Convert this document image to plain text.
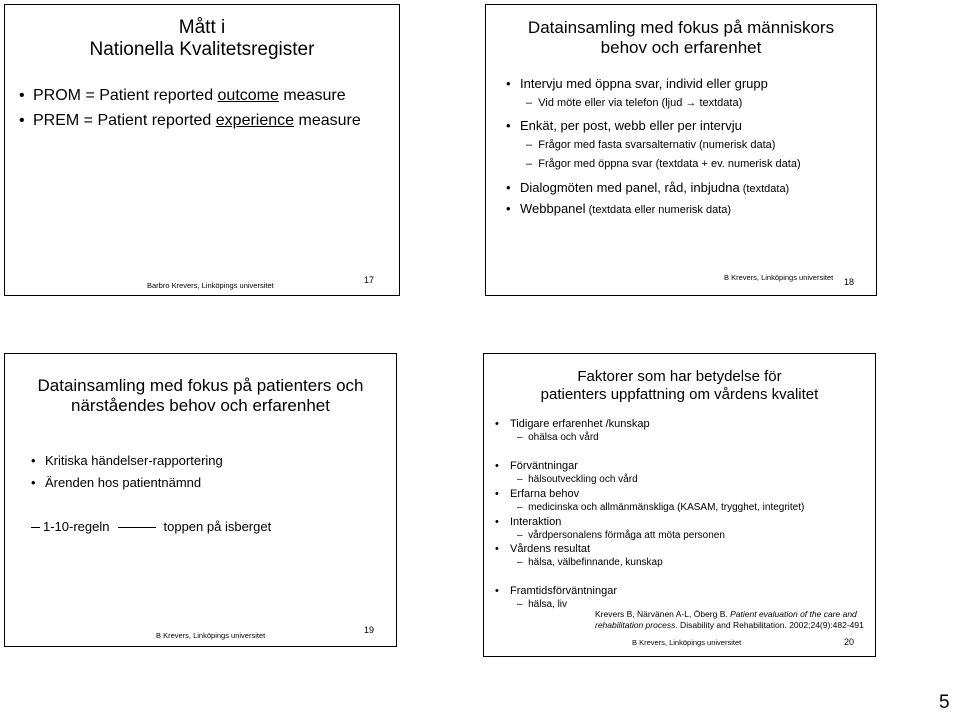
Mått i
Nationella Kvalitetsregister
• PROM = Patient reported outcome measure
• PREM = Patient reported experience measure
Barbro Krevers, Linköpings universitet
17
Datainsamling med fokus på människors
behov och erfarenhet
• Intervju med öppna svar, individ eller grupp
–  Vid möte eller via telefon (ljud → textdata)
• Enkät, per post, webb eller per intervju
–  Frågor med fasta svarsalternativ (numerisk data)
–  Frågor med öppna svar (textdata + ev. numerisk data)
• Dialogmöten med panel, råd, inbjudna (textdata)
• Webbpanel (textdata eller numerisk data)
B Krevers, Linköpings universitet 18
Datainsamling med fokus på patienters och
närståendes behov och erfarenhet
• Kritiska händelser-rapportering
• Ärenden hos patientnämnd
1-10-regeln	toppen på isberget
B Krevers, Linköpings universitet
19
Faktorer som har betydelse för
patienters uppfattning om vårdens kvalitet
• Tidigare erfarenhet /kunskap
–  ohälsa och vård
• Förväntningar
–  hälsoutveckling och vård
• Erfarna behov
–  medicinska och allmänmänskliga (KASAM, trygghet, integritet)
• Interaktion
–  vårdpersonalens förmåga att möta personen
• Vårdens resultat
–  hälsa, välbefinnande, kunskap
• Framtidsförväntningar
–  hälsa, liv
Krevers B, Närvänen A-L, Öberg B. Patient evaluation of the care and
rehabilitation process. Disability and Rehabilitation. 2002;24(9):482-491
B Krevers, Linköpings universitet	20
5
